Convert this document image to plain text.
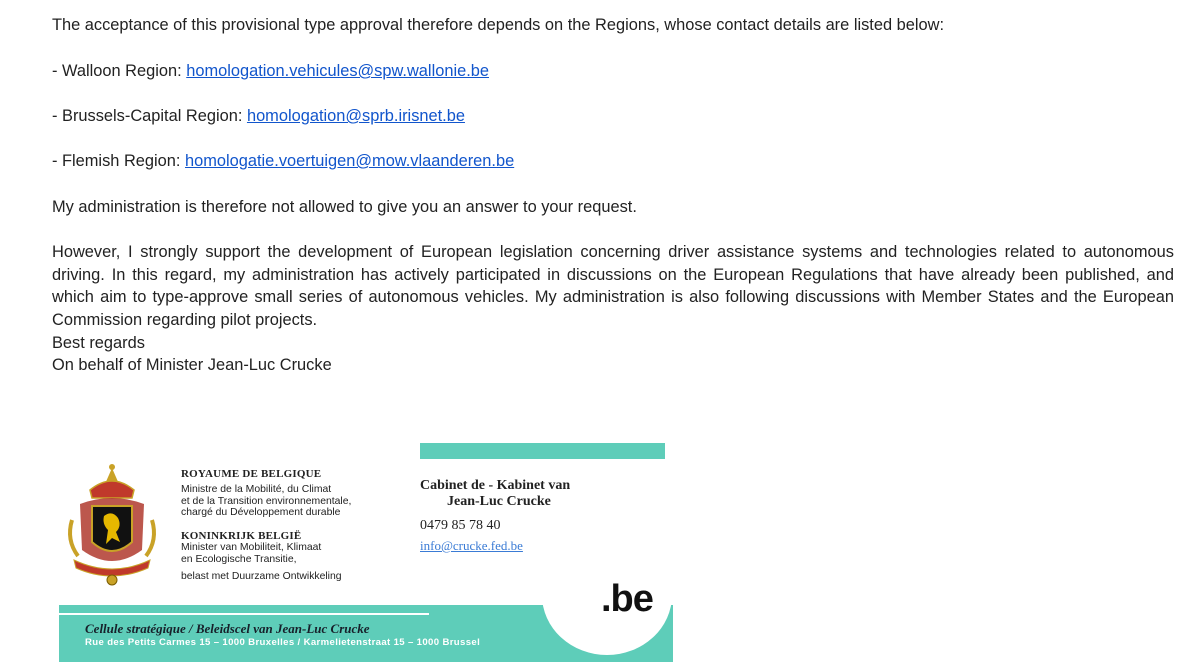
The acceptance of this provisional type approval therefore depends on the Regions, whose contact details are listed below:
- Walloon Region: homologation.vehicules@spw.wallonie.be
- Brussels-Capital Region: homologation@sprb.irisnet.be
- Flemish Region: homologatie.voertuigen@mow.vlaanderen.be
My administration is therefore not allowed to give you an answer to your request.
However, I strongly support the development of European legislation concerning driver assistance systems and technologies related to autonomous driving. In this regard, my administration has actively participated in discussions on the European Regulations that have already been published, and which aim to type-approve small series of autonomous vehicles. My administration is also following discussions with Member States and the European Commission regarding pilot projects.
Best regards
On behalf of Minister Jean-Luc Crucke
ROYAUME DE BELGIQUE
Ministre de la Mobilité, du Climat
et de la Transition environnementale,
chargé du Développement durable
KONINKRIJK BELGIË
Minister van Mobiliteit, Klimaat
en Ecologische Transitie,
belast met Duurzame Ontwikkeling
Cabinet de - Kabinet van
Jean-Luc Crucke
0479 85 78 40
info@crucke.fed.be
Cellule stratégique / Beleidscel van Jean-Luc Crucke
Rue des Petits Carmes 15 – 1000 Bruxelles / Karmelietenstraat 15 – 1000 Brussel
.be
